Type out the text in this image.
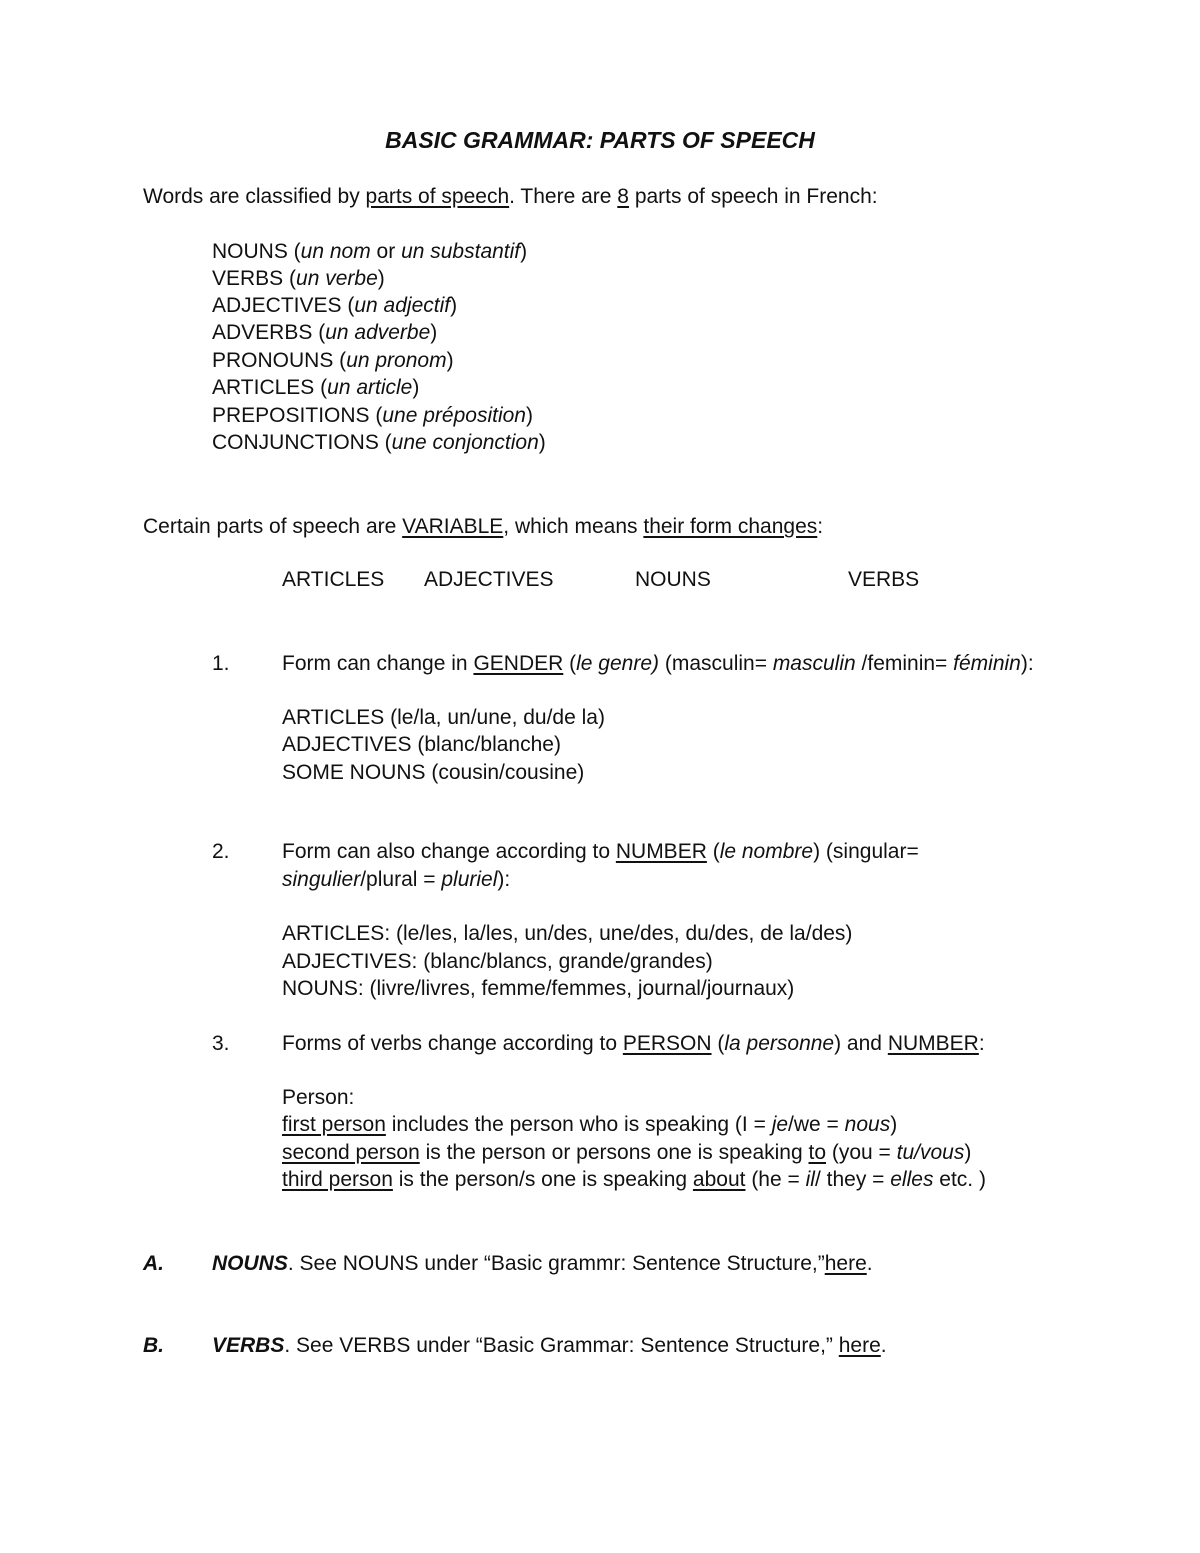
BASIC GRAMMAR: PARTS OF SPEECH
Words are classified by parts of speech. There are 8 parts of speech in French:
NOUNS (un nom or un substantif)
VERBS (un verbe)
ADJECTIVES (un adjectif)
ADVERBS (un adverbe)
PRONOUNS (un pronom)
ARTICLES (un article)
PREPOSITIONS (une préposition)
CONJUNCTIONS (une conjonction)
Certain parts of speech are VARIABLE, which means their form changes:
ARTICLES ADJECTIVES	NOUNS	VERBS
1. Form can change in GENDER (le genre) (masculin= masculin /feminin= féminin):
ARTICLES (le/la, un/une, du/de la)
ADJECTIVES (blanc/blanche)
SOME NOUNS (cousin/cousine)
2. Form can also change according to NUMBER (le nombre) (singular=
singulier/plural = pluriel):
ARTICLES: (le/les, la/les, un/des, une/des, du/des, de la/des)
ADJECTIVES: (blanc/blancs, grande/grandes)
NOUNS: (livre/livres, femme/femmes, journal/journaux)
3. Forms of verbs change according to PERSON (la personne) and NUMBER:
Person:
first person includes the person who is speaking (I = je/we = nous)
second person is the person or persons one is speaking to (you = tu/vous)
third person is the person/s one is speaking about (he = il/ they = elles etc. )
A. NOUNS. See NOUNS under “Basic grammr: Sentence Structure,”here.
B. VERBS. See VERBS under “Basic Grammar: Sentence Structure,” here.
